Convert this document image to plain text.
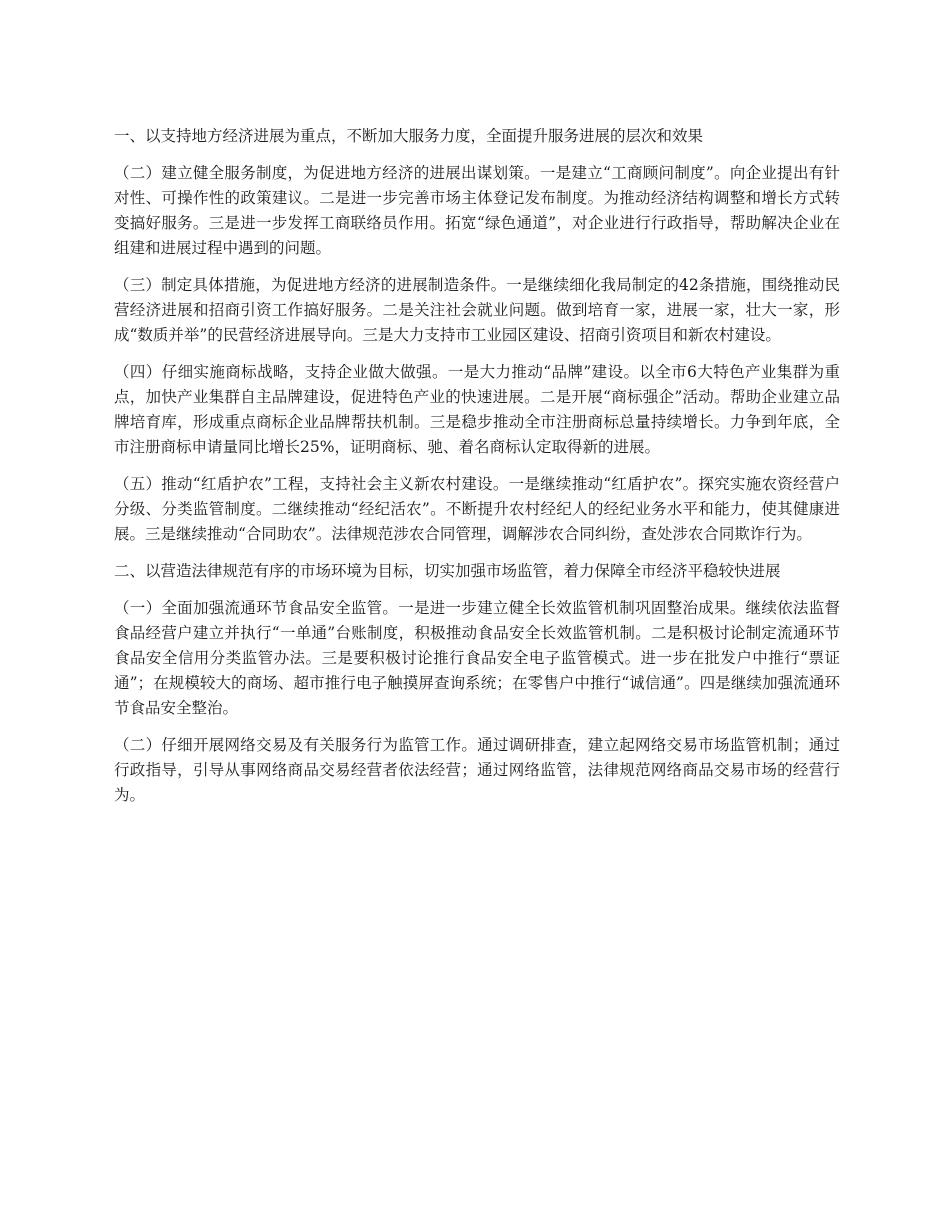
一、以支持地方经济进展为重点，不断加大服务力度，全面提升服务进展的层次和效果

（二）建立健全服务制度，为促进地方经济的进展出谋划策。一是建立“工商顾问制度”。向企业提出有针对性、可操作性的政策建议。二是进一步完善市场主体登记发布制度。为推动经济结构调整和增长方式转变搞好服务。三是进一步发挥工商联络员作用。拓宽“绿色通道”，对企业进行行政指导，帮助解决企业在组建和进展过程中遇到的问题。

（三）制定具体措施，为促进地方经济的进展制造条件。一是继续细化我局制定的42条措施，围绕推动民营经济进展和招商引资工作搞好服务。二是关注社会就业问题。做到培育一家，进展一家，壮大一家，形成“数质并举”的民营经济进展导向。三是大力支持市工业园区建设、招商引资项目和新农村建设。

（四）仔细实施商标战略，支持企业做大做强。一是大力推动“品牌”建设。以全市6大特色产业集群为重点，加快产业集群自主品牌建设，促进特色产业的快速进展。二是开展“商标强企”活动。帮助企业建立品牌培育库，形成重点商标企业品牌帮扶机制。三是稳步推动全市注册商标总量持续增长。力争到年底，全市注册商标申请量同比增长25%，证明商标、驰、着名商标认定取得新的进展。

（五）推动“红盾护农”工程，支持社会主义新农村建设。一是继续推动“红盾护农”。探究实施农资经营户分级、分类监管制度。二继续推动“经纪活农”。不断提升农村经纪人的经纪业务水平和能力，使其健康进展。三是继续推动“合同助农”。法律规范涉农合同管理，调解涉农合同纠纷，查处涉农合同欺诈行为。

二、以营造法律规范有序的市场环境为目标，切实加强市场监管，着力保障全市经济平稳较快进展

（一）全面加强流通环节食品安全监管。一是进一步建立健全长效监管机制巩固整治成果。继续依法监督食品经营户建立并执行“一单通”台账制度，积极推动食品安全长效监管机制。二是积极讨论制定流通环节食品安全信用分类监管办法。三是要积极讨论推行食品安全电子监管模式。进一步在批发户中推行“票证通”；在规模较大的商场、超市推行电子触摸屏查询系统；在零售户中推行“诚信通”。四是继续加强流通环节食品安全整治。

（二）仔细开展网络交易及有关服务行为监管工作。通过调研排查，建立起网络交易市场监管机制；通过行政指导，引导从事网络商品交易经营者依法经营；通过网络监管，法律规范网络商品交易市场的经营行为。
